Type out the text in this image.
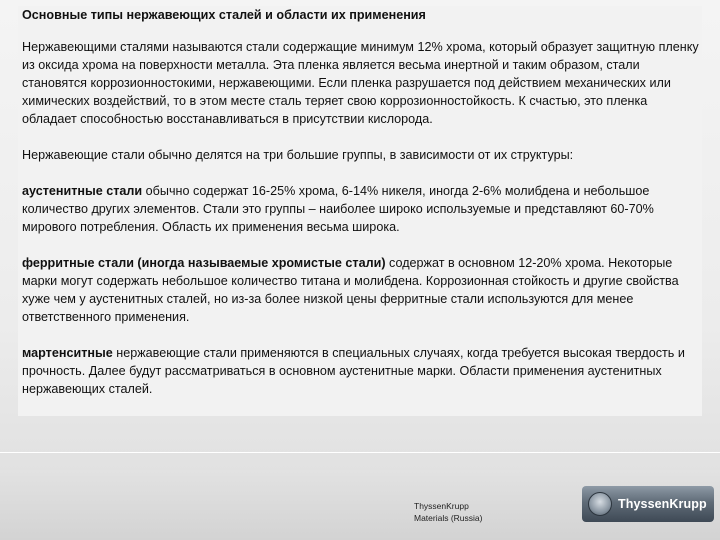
Основные типы нержавеющих сталей и области их применения

Нержавеющими сталями называются стали содержащие минимум 12% хрома, который образует защитную пленку из оксида хрома на поверхности металла. Эта пленка является весьма инертной и таким образом, стали становятся коррозионностокими, нержавеющими. Если пленка разрушается под действием механических или химических воздействий, то в этом месте сталь теряет свою коррозионностойкость. К счастью, это пленка обладает способностью восстанавливаться в присутствии кислорода.

Нержавеющие стали обычно делятся на три большие группы, в зависимости от их структуры:

аустенитные стали обычно содержат 16-25% хрома, 6-14% никеля, иногда 2-6% молибдена и небольшое количество других элементов. Стали это группы – наиболее широко используемые и представляют 60-70% мирового потребления. Область их применения весьма широка.

ферритные стали (иногда называемые хромистые стали) содержат в основном 12-20% хрома. Некоторые марки могут содержать небольшое количество титана и молибдена. Коррозионная стойкость и другие свойства хуже чем у аустенитных сталей, но из-за более низкой цены ферритные стали используются для менее ответственного применения.

мартенситные нержавеющие стали применяются в специальных случаях, когда требуется высокая твердость и прочность. Далее будут рассматриваться в основном аустенитные марки. Области применения аустенитных нержавеющих сталей.

ThyssenKrupp
Materials (Russia)
ThyssenKrupp
